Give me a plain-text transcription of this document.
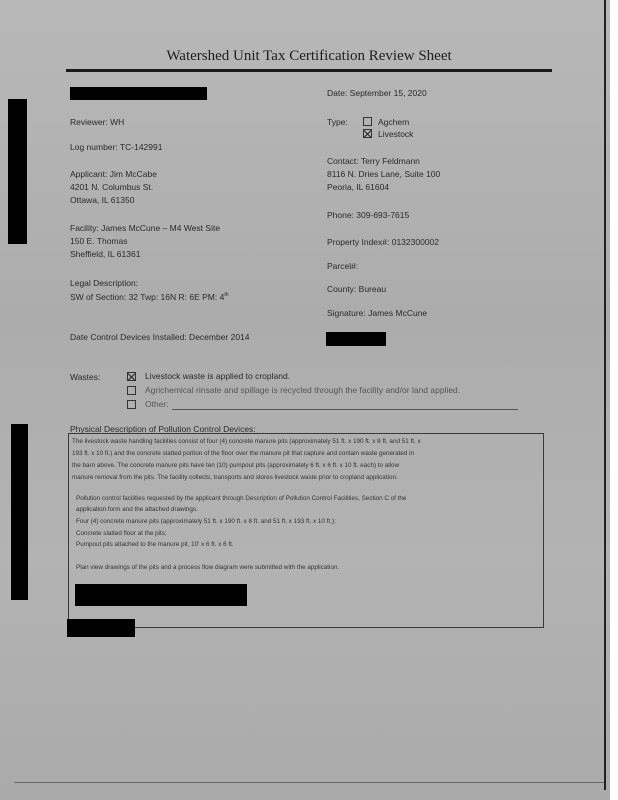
Watershed Unit Tax Certification Review Sheet
Date: September 15, 2020
Reviewer: WH	Type:	Agchem
Livestock
Log number: TC-142991
Contact: Terry Feldmann
8116 N. Dries Lane, Suite 100
Peoria, IL 61604
Applicant: Jim McCabe
4201 N. Columbus St.
Ottawa, IL 61350
Phone: 309-693-7615
Facility: James McCune – M4 West Site
150 E. Thomas
Sheffield, IL 61361
Property Index#: 0132300002
Parcel#:
Legal Description:
SW of Section: 32 Twp: 16N R: 6E PM: 4th
County: Bureau
Signature: James McCune
Date Control Devices Installed: December 2014
Wastes:	Livestock waste is applied to cropland.
Agrichemical rinsate and spillage is recycled through the facility and/or land applied.
Other:
Physical Description of Pollution Control Devices:
The livestock waste handling facilities consist of four (4) concrete manure pits (approximately 51 ft. x 190 ft. x 8 ft. and 51 ft. x
193 ft. x 10 ft.) and the concrete slatted portion of the floor over the manure pit that capture and contain waste generated in
the barn above. The concrete manure pits have ten (10) pumpout pits (approximately 6 ft. x 6 ft. x 10 ft. each) to allow
manure removal from the pits. The facility collects, transports and stores livestock waste prior to cropland application.
Pollution control facilities requested by the applicant through Description of Pollution Control Facilities, Section C of the
application form and the attached drawings:
Four (4) concrete manure pits (approximately 51 ft. x 190 ft. x 8 ft. and 51 ft. x 193 ft. x 10 ft.);
Concrete slatted floor at the pits;
Pumpout pits attached to the manure pit, 10' x 6 ft. x 6 ft.
Plan view drawings of the pits and a process flow diagram were submitted with the application.
